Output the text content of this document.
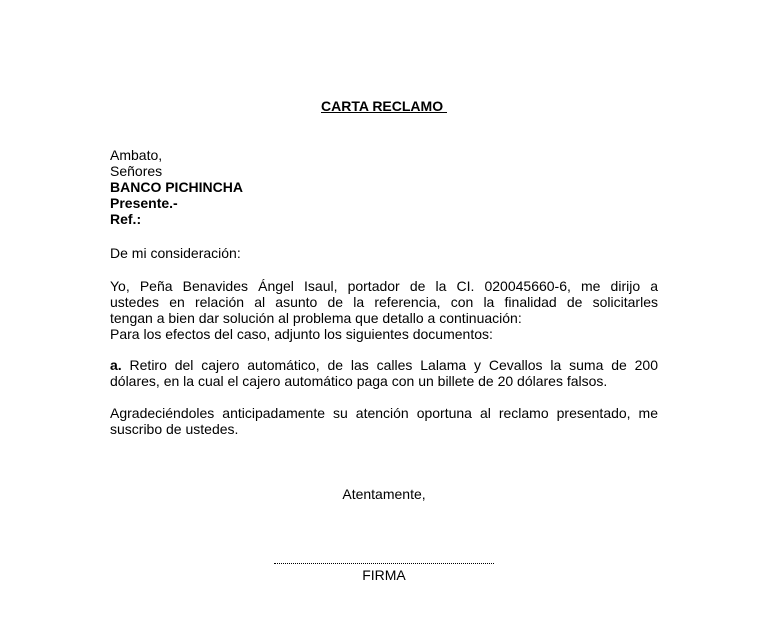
CARTA RECLAMO
Ambato,
Señores
BANCO PICHINCHA
Presente.-
Ref.:
De mi consideración:
Yo, Peña Benavides Ángel Isaul, portador de la CI. 020045660-6, me dirijo a
ustedes en relación al asunto de la referencia, con la finalidad de solicitarles
tengan a bien dar solución al problema que detallo a continuación:
Para los efectos del caso, adjunto los siguientes documentos:
a. Retiro del cajero automático, de las calles Lalama y Cevallos la suma de 200
dólares, en la cual el cajero automático paga con un billete de 20 dólares falsos.
Agradeciéndoles anticipadamente su atención oportuna al reclamo presentado, me
suscribo de ustedes.
Atentamente,
FIRMA
